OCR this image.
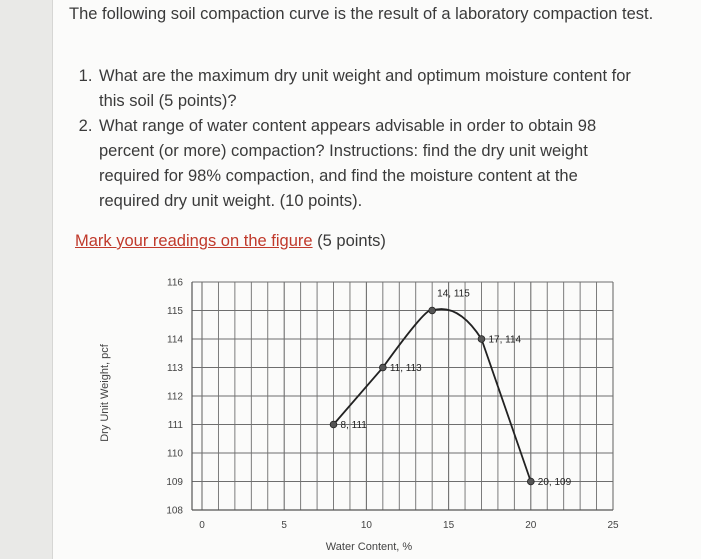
The following soil compaction curve is the result of a laboratory compaction test.
1. What are the maximum dry unit weight and optimum moisture content for this soil (5 points)?
2. What range of water content appears advisable in order to obtain 98 percent (or more) compaction? Instructions: find the dry unit weight required for 98% compaction, and find the moisture content at the required dry unit weight. (10 points).
Mark your readings on the figure (5 points)
108
109
110
111
112
113
114
115
116
0	5	10	15	20	25
8, 111
11, 113
14, 115
17, 114
20, 109
Water Content, %
Dry Unit Weight, pcf
